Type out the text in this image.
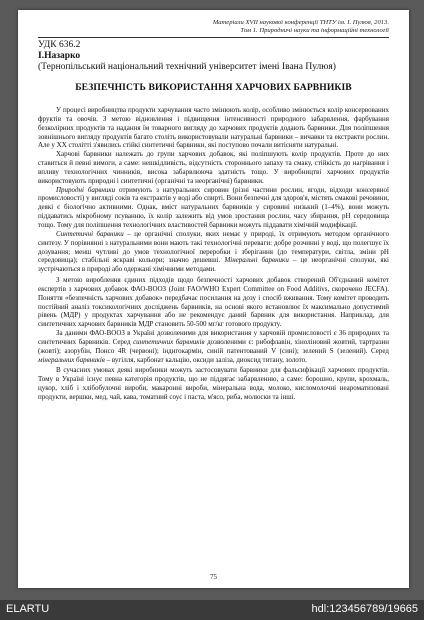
Матеріали XVII наукової конференції ТНТУ ім. І. Пулюя, 2013.
Том 1. Природничі науки та інформаційні технології
УДК 636.2
І.Назарко
(Тернопільський національний технічний університет імені Івана Пулюя)
БЕЗПЕЧНІСТЬ ВИКОРИСТАННЯ ХАРЧОВИХ БАРВНИКІВ

У процесі виробництва продукти харчування часто змінюють колір, особливо змінюється колір консервованих фруктів та овочів. З метою відновлення і підвищення інтенсивності природного забарвлення, фарбування безколірних продуктів та надання їм товарного вигляду до харчових продуктів додають барвники. Для поліпшення зовнішнього вигляду продуктів багато століть використовували натуральні барвники – вичавки та екстракти рослин. Але у XX столітті з'явились стійкі синтетичні барвники, які поступово почали витісняти натуральні.

Харчові барвники належать до групи харчових добавок, які поліпшують колір продуктів. Проте до них ставиться й певні вимоги, а саме: нешкідливість, відсутність стороннього запаху та смаку, стійкість до нагрівання і впливу технологічних чинників, висока забарвлююча здатність тощо. У виробництві харчових продуктів використовують природні і синтетичні (органічні та неорганічні) барвники.

Природні барвники отримують з натуральних сировин (різні частини рослин, ягоди, відходи консервної промисловості) у вигляді соків та екстрактів у воді або спирті. Вони безпечні для здоров'я, містять смакові речовини, деякі є біологічно активними. Однак, вміст натуральних барвників у сировині низький (1–4%), вони можуть піддаватись мікробному псуванню, їх колір залежить від умов зростання рослин, часу збирання, рН середовища тощо. Тому для поліпшення технологічних властивостей барвники можуть піддавати хімічній модифікації.

Синтетичні барвники – це органічні сполуки, яких немає у природі, їх отримують методом органічного синтезу. У порівнянні з натуральними вони мають такі технологічні переваги: добре розчинні у воді, що полегшує їх дозування; менш чутливі до умов технологічної переробки і зберігання (до температури, світла, зміни рН середовища); стабільні яскраві кольори; значно дешевші. Мінеральні барвники – це неорганічні сполуки, які зустрічаються в природі або одержані хімічними методами.

З метою вироблення єдиних підходів щодо безпечності харчових добавок створений Об'єднаний комітет експертів з харчових добавок ФАО-ВООЗ (Joint FAO/WHO Expert Committee on Food Additivs, скорочено JECFA). Поняття «безпечність харчових добавок» передбачає посилання на дозу і спосіб вживання. Тому комітет проводить постійний аналіз токсикологічних досліджень барвників, на основі якого встановлює їх максимально допустимий рівень (МДР) у продуктах харчування або не рекомендує даний барвник для використання. Наприклад, для синтетичних харчових барвників МДР становить 50-500 мг/кг готового продукту.

За даними ФАО-ВООЗ в Україні дозволеними для використання у харчовій промисловості є 36 природних та синтетичних барвників. Серед синтетичних барвників дозволеними є: рибофлавін, хіноліновий жовтий, тартразин (жовті); азорубін, Понсо 4R (червоні); індигокармін, синій патентований V (сині); зелений S (зелений). Серед мінеральних барвників – вугілля, карбонат кальцію, оксиди заліза, диоксид титану, золото.

В сучасних умовах деякі виробники можуть застосовувати барвники для фальсифікації харчових продуктів. Тому в Україні існує певна категорія продуктів, що не піддягає забарвленню, а саме: борошно, крупи, крохмаль, цукор, хліб і хлібобулочні вироби, макаронні вироби, мінеральна вода, молоко, кисломолочні неароматизовані продукти, вершки, мед, чай, кава, томатний соус і паста, м'ясо, риба, молюски та інші.

75
ELARTU	hdl:123456789/19665
